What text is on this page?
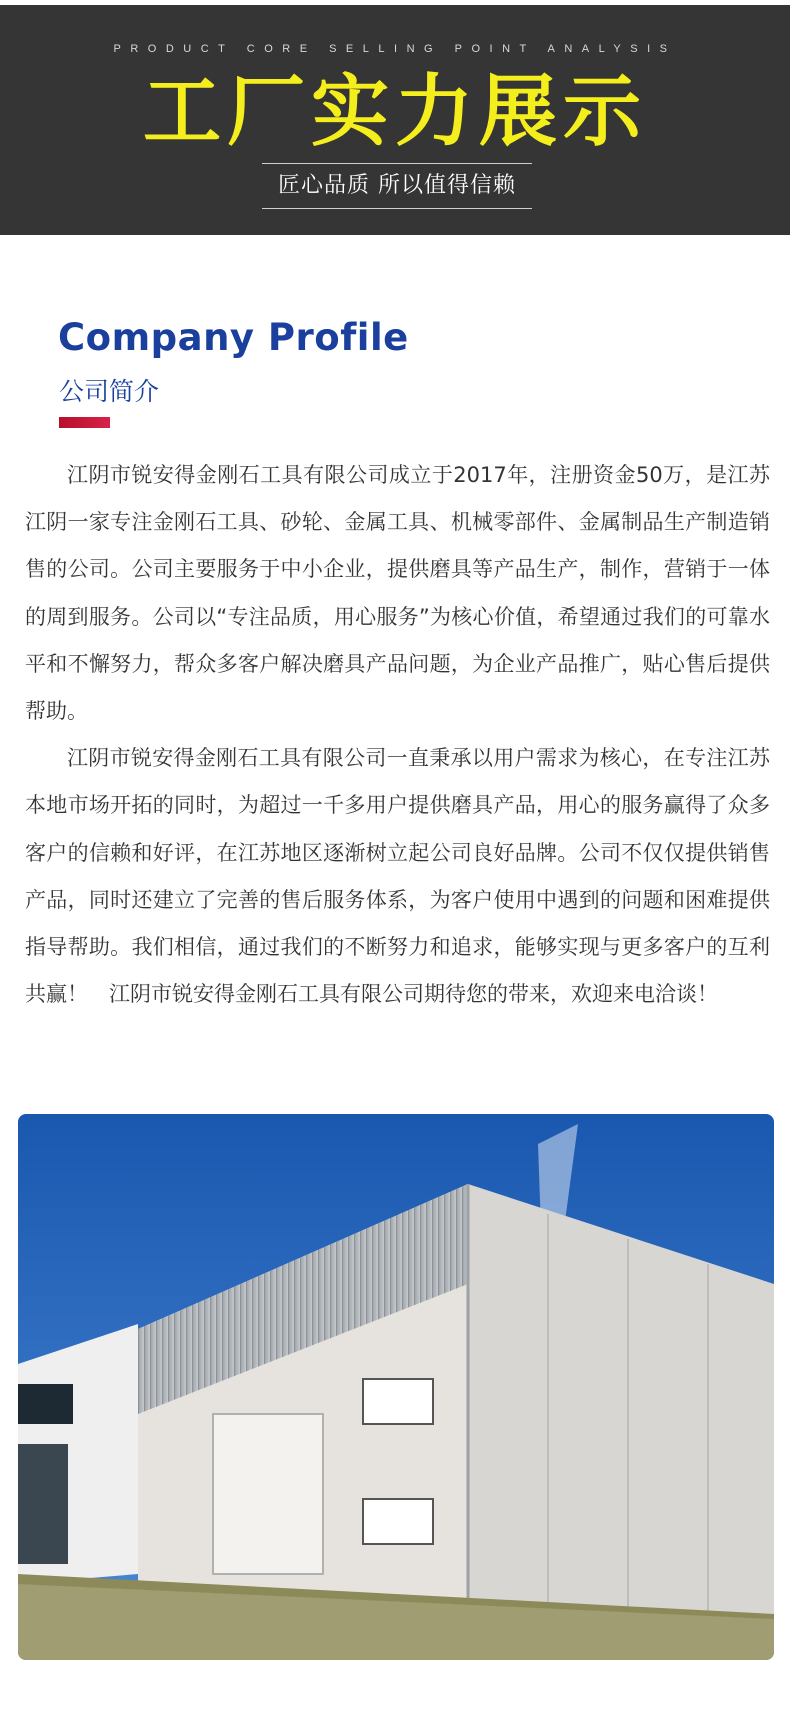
PRODUCT CORE SELLING POINT ANALYSIS
工厂实力展示
匠心品质 所以值得信赖
Company Profile
公司简介

江阴市锐安得金刚石工具有限公司成立于2017年，注册资金50万，是江苏江阴一家专注金刚石工具、砂轮、金属工具、机械零部件、金属制品生产制造销售的公司。公司主要服务于中小企业，提供磨具等产品生产，制作，营销于一体的周到服务。公司以“专注品质，用心服务”为核心价值，希望通过我们的可靠水平和不懈努力，帮众多客户解决磨具产品问题，为企业产品推广，贴心售后提供帮助。

江阴市锐安得金刚石工具有限公司一直秉承以用户需求为核心，在专注江苏本地市场开拓的同时，为超过一千多用户提供磨具产品，用心的服务赢得了众多客户的信赖和好评，在江苏地区逐渐树立起公司良好品牌。公司不仅仅提供销售产品，同时还建立了完善的售后服务体系，为客户使用中遇到的问题和困难提供指导帮助。我们相信，通过我们的不断努力和追求，能够实现与更多客户的互利共赢！　江阴市锐安得金刚石工具有限公司期待您的带来，欢迎来电洽谈！
